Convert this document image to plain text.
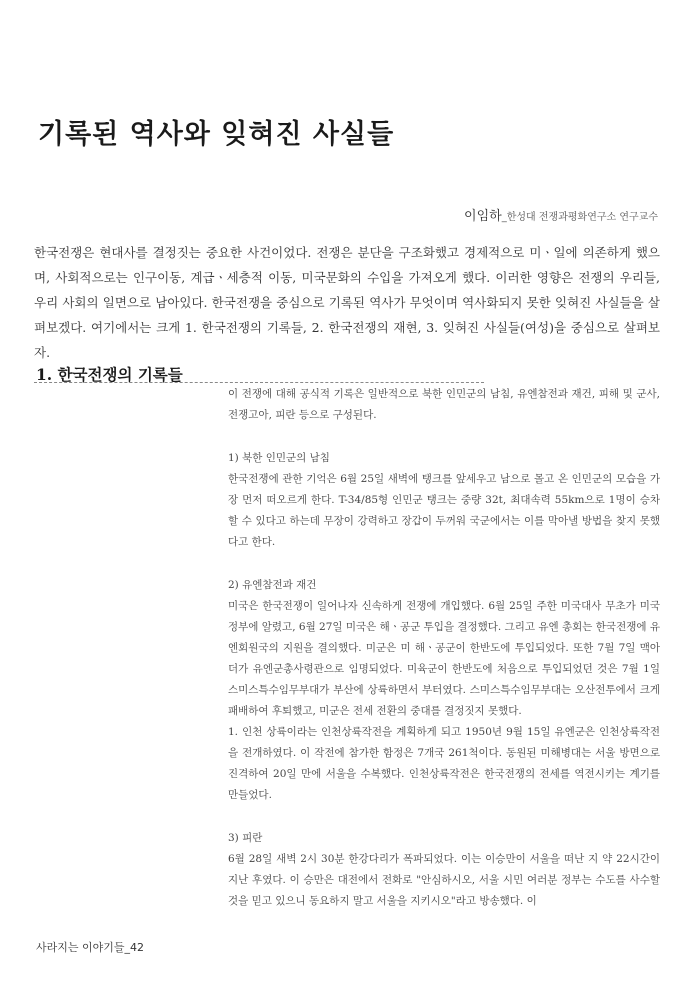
기록된 역사와 잊혀진 사실들
이임하_한성대 전쟁과평화연구소 연구교수

한국전쟁은 현대사를 결정짓는 중요한 사건이었다. 전쟁은 분단을 구조화했고 경제적으로 미ㆍ일에 의존하게 했으며, 사회적으로는 인구이동, 계급ㆍ세층적 이동, 미국문화의 수입을 가져오게 했다. 이러한 영향은 전쟁의 우리들, 우리 사회의 일면으로 남아있다. 한국전쟁을 중심으로 기록된 역사가 무엇이며 역사화되지 못한 잊혀진 사실들을 살펴보겠다. 여기에서는 크게 1. 한국전쟁의 기록들, 2. 한국전쟁의 재현, 3. 잊혀진 사실들(여성)을 중심으로 살펴보자.

1. 한국전쟁의 기록들

이 전쟁에 대해 공식적 기록은 일반적으로 북한 인민군의 남침, 유엔참전과 재건, 피해 및 군사, 전쟁고아, 피란 등으로 구성된다.

1) 북한 인민군의 남침

한국전쟁에 관한 기억은 6월 25일 새벽에 탱크를 앞세우고 남으로 몰고 온 인민군의 모습을 가장 먼저 떠오르게 한다. T-34/85형 인민군 탱크는 중량 32t, 최대속력 55km으로 1명이 승차할 수 있다고 하는데 무장이 강력하고 장갑이 두꺼워 국군에서는 이를 막아낼 방법을 찾지 못했다고 한다.

2) 유엔참전과 재건

미국은 한국전쟁이 일어나자 신속하게 전쟁에 개입했다. 6월 25일 주한 미국대사 무초가 미국정부에 알렸고, 6월 27일 미국은 해ㆍ공군 투입을 결정했다. 그리고 유엔 총회는 한국전쟁에 유엔회원국의 지원을 결의했다. 미군은 미 해ㆍ공군이 한반도에 투입되었다. 또한 7월 7일 맥아더가 유엔군총사령관으로 임명되었다. 미육군이 한반도에 처음으로 투입되었던 것은 7월 1일 스미스특수임무부대가 부산에 상륙하면서 부터였다. 스미스특수임무부대는 오산전투에서 크게 패배하여 후퇴했고, 미군은 전세 전환의 중대를 결정짓지 못했다.

1. 인천 상륙이라는 인천상륙작전을 계획하게 되고 1950년 9월 15일 유엔군은 인천상륙작전을 전개하였다. 이 작전에 참가한 함정은 7개국 261척이다. 동원된 미해병대는 서울 방면으로 진격하여 20일 만에 서울을 수복했다. 인천상륙작전은 한국전쟁의 전세를 역전시키는 계기를 만들었다.

3) 피란

6월 28일 새벽 2시 30분 한강다리가 폭파되었다. 이는 이승만이 서울을 떠난 지 약 22시간이 지난 후였다. 이 승만은 대전에서 전화로 "안심하시오, 서울 시민 여러분 정부는 수도를 사수할 것을 믿고 있으니 동요하지 말고 서울을 지키시오"라고 방송했다. 이

사라지는 이야기들_42
